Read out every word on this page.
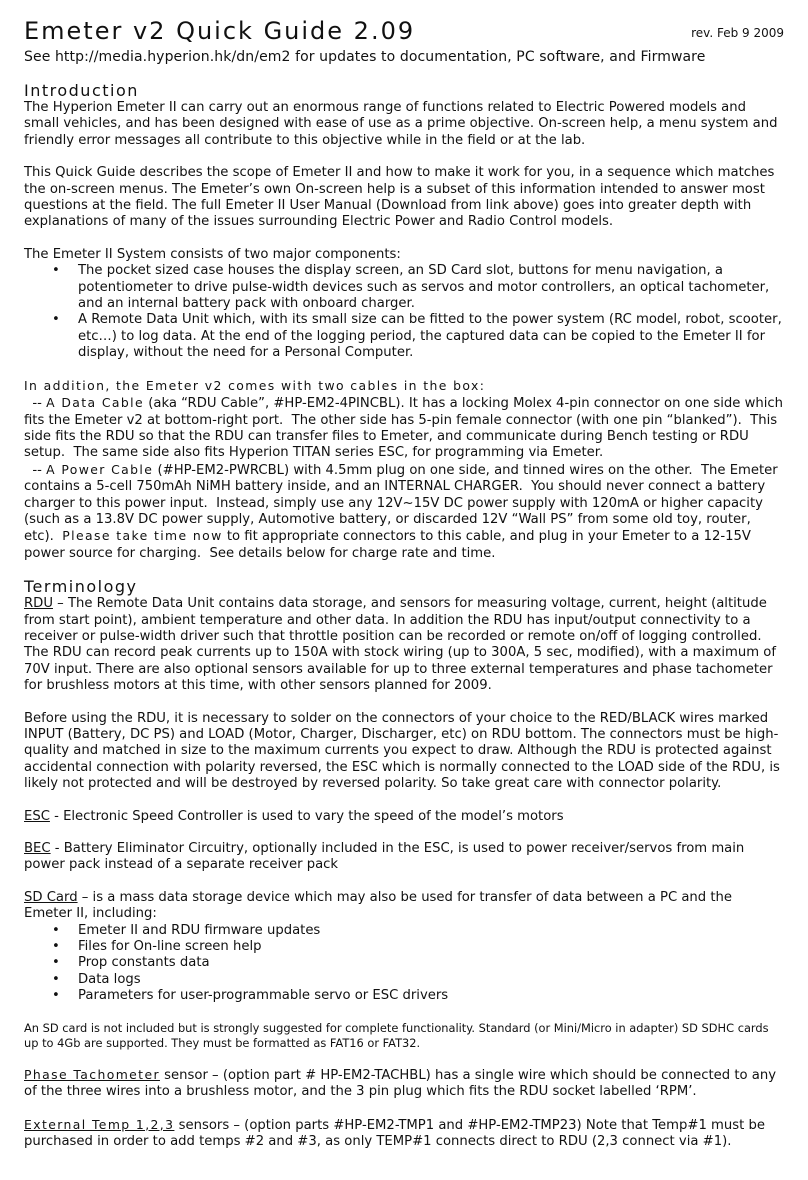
Emeter v2 Quick Guide 2.09	rev. Feb 9 2009

See http://media.hyperion.hk/dn/em2 for updates to documentation, PC software, and Firmware

Introduction

The Hyperion Emeter II can carry out an enormous range of functions related to Electric Powered models and small vehicles, and has been designed with ease of use as a prime objective. On-screen help, a menu system and friendly error messages all contribute to this objective while in the field or at the lab.

This Quick Guide describes the scope of Emeter II and how to make it work for you, in a sequence which matches the on-screen menus. The Emeter’s own On-screen help is a subset of this information intended to answer most questions at the field. The full Emeter II User Manual (Download from link above) goes into greater depth with explanations of many of the issues surrounding Electric Power and Radio Control models.

The Emeter II System consists of two major components:

• The pocket sized case houses the display screen, an SD Card slot, buttons for menu navigation, a potentiometer to drive pulse-width devices such as servos and motor controllers, an optical tachometer, and an internal battery pack with onboard charger.
• A Remote Data Unit which, with its small size can be fitted to the power system (RC model, robot, scooter, etc…) to log data. At the end of the logging period, the captured data can be copied to the Emeter II for display, without the need for a Personal Computer.

In addition, the Emeter v2 comes with two cables in the box:

-- A Data Cable (aka “RDU Cable”, #HP-EM2-4PINCBL). It has a locking Molex 4-pin connector on one side which fits the Emeter v2 at bottom-right port.  The other side has 5-pin female connector (with one pin “blanked”).  This side fits the RDU so that the RDU can transfer files to Emeter, and communicate during Bench testing or RDU setup.  The same side also fits Hyperion TITAN series ESC, for programming via Emeter.

-- A Power Cable (#HP-EM2-PWRCBL) with 4.5mm plug on one side, and tinned wires on the other.  The Emeter contains a 5-cell 750mAh NiMH battery inside, and an INTERNAL CHARGER.  You should never connect a battery charger to this power input.  Instead, simply use any 12V~15V DC power supply with 120mA or higher capacity (such as a 13.8V DC power supply, Automotive battery, or discarded 12V “Wall PS” from some old toy, router, etc).  Please take time now to fit appropriate connectors to this cable, and plug in your Emeter to a 12-15V power source for charging.  See details below for charge rate and time.

Terminology

RDU – The Remote Data Unit contains data storage, and sensors for measuring voltage, current, height (altitude from start point), ambient temperature and other data. In addition the RDU has input/output connectivity to a receiver or pulse-width driver such that throttle position can be recorded or remote on/off of logging controlled. The RDU can record peak currents up to 150A with stock wiring (up to 300A, 5 sec, modified), with a maximum of 70V input. There are also optional sensors available for up to three external temperatures and phase tachometer for brushless motors at this time, with other sensors planned for 2009.

Before using the RDU, it is necessary to solder on the connectors of your choice to the RED/BLACK wires marked INPUT (Battery, DC PS) and LOAD (Motor, Charger, Discharger, etc) on RDU bottom. The connectors must be high-quality and matched in size to the maximum currents you expect to draw. Although the RDU is protected against accidental connection with polarity reversed, the ESC which is normally connected to the LOAD side of the RDU, is likely not protected and will be destroyed by reversed polarity. So take great care with connector polarity.

ESC - Electronic Speed Controller is used to vary the speed of the model’s motors

BEC - Battery Eliminator Circuitry, optionally included in the ESC, is used to power receiver/servos from main power pack instead of a separate receiver pack

SD Card – is a mass data storage device which may also be used for transfer of data between a PC and the Emeter II, including:

• Emeter II and RDU firmware updates
• Files for On-line screen help
• Prop constants data
• Data logs
• Parameters for user-programmable servo or ESC drivers

An SD card is not included but is strongly suggested for complete functionality. Standard (or Mini/Micro in adapter) SD SDHC cards up to 4Gb are supported. They must be formatted as FAT16 or FAT32.

Phase Tachometer sensor – (option part # HP-EM2-TACHBL) has a single wire which should be connected to any of the three wires into a brushless motor, and the 3 pin plug which fits the RDU socket labelled ‘RPM’.

External Temp 1,2,3 sensors – (option parts #HP-EM2-TMP1 and #HP-EM2-TMP23) Note that Temp#1 must be purchased in order to add temps #2 and #3, as only TEMP#1 connects direct to RDU (2,3 connect via #1).
